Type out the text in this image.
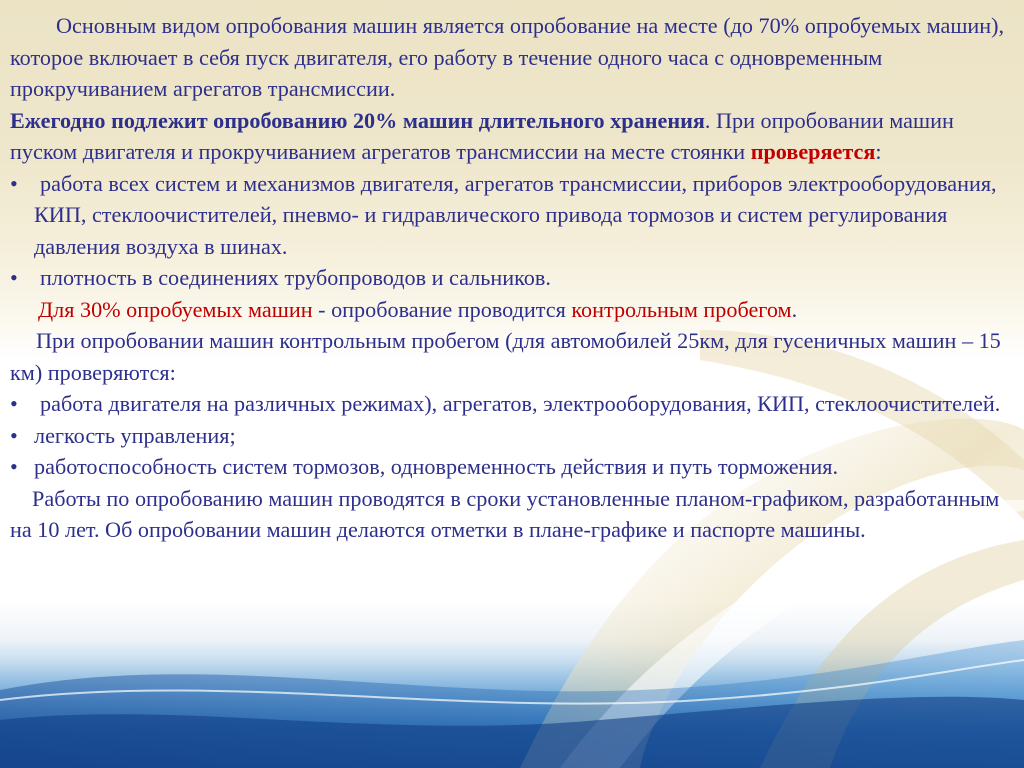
Основным видом опробования машин является опробование на месте (до 70% опробуемых машин), которое включает в себя пуск двигателя, его работу в течение одного часа с одновременным прокручиванием агрегатов трансмиссии.

Ежегодно подлежит опробованию 20% машин длительного хранения. При опробовании машин пуском двигателя и прокручиванием агрегатов трансмиссии на месте стоянки проверяется:

• работа всех систем и механизмов двигателя, агрегатов трансмиссии, приборов электрооборудования, КИП, стеклоочистителей, пневмо- и гидравлического привода тормозов и систем регулирования давления воздуха в шинах.
• плотность в соединениях трубопроводов и сальников.

Для 30% опробуемых машин - опробование проводится контрольным пробегом.

При опробовании машин контрольным пробегом (для автомобилей 25км, для гусеничных машин – 15 км) проверяются:

• работа двигателя на различных режимах), агрегатов, электрооборудования, КИП, стеклоочистителей.
• легкость управления;
• работоспособность систем тормозов, одновременность действия и путь торможения.

Работы по опробованию машин проводятся в сроки установленные планом-графиком, разработанным на 10 лет. Об опробовании машин делаются отметки в плане-графике и паспорте машины.
